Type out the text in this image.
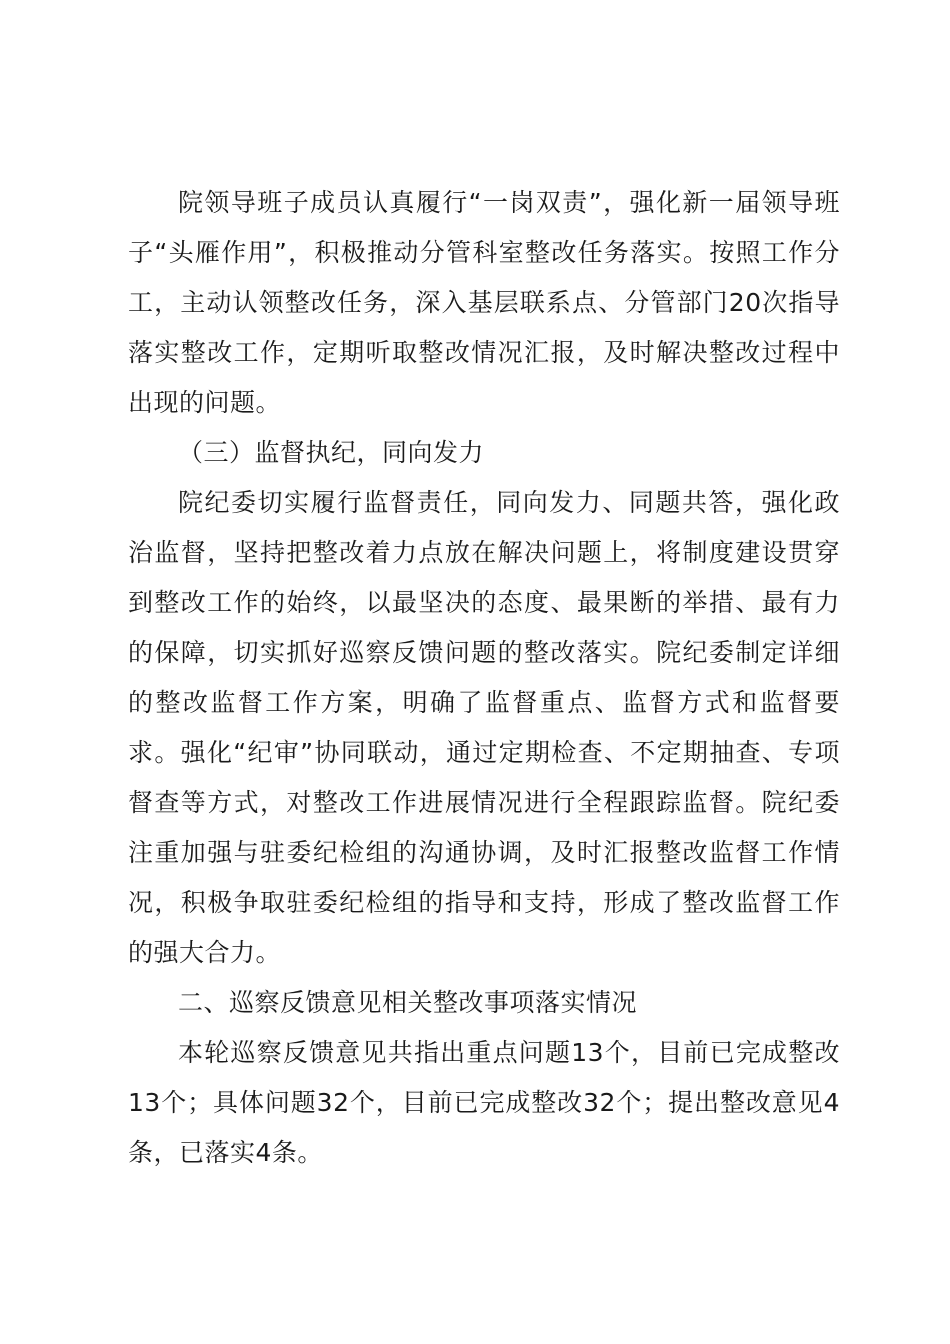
院领导班子成员认真履行“一岗双责”，强化新一届领导班子“头雁作用”，积极推动分管科室整改任务落实。按照工作分工，主动认领整改任务，深入基层联系点、分管部门20次指导落实整改工作，定期听取整改情况汇报，及时解决整改过程中出现的问题。

（三）监督执纪，同向发力

院纪委切实履行监督责任，同向发力、同题共答，强化政治监督，坚持把整改着力点放在解决问题上，将制度建设贯穿到整改工作的始终，以最坚决的态度、最果断的举措、最有力的保障，切实抓好巡察反馈问题的整改落实。院纪委制定详细的整改监督工作方案，明确了监督重点、监督方式和监督要求。强化“纪审”协同联动，通过定期检查、不定期抽查、专项督查等方式，对整改工作进展情况进行全程跟踪监督。院纪委注重加强与驻委纪检组的沟通协调，及时汇报整改监督工作情况，积极争取驻委纪检组的指导和支持，形成了整改监督工作的强大合力。

二、巡察反馈意见相关整改事项落实情况

本轮巡察反馈意见共指出重点问题13个，目前已完成整改13个；具体问题32个，目前已完成整改32个；提出整改意见4条，已落实4条。
